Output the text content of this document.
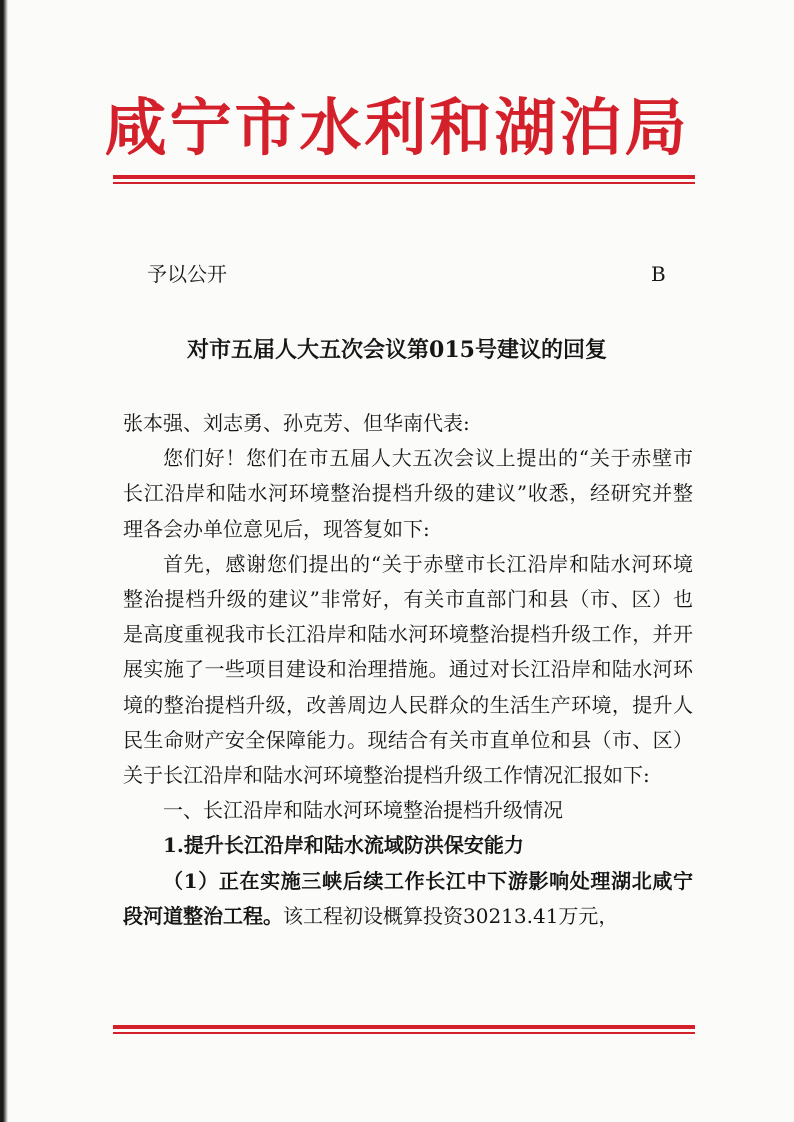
咸宁市水利和湖泊局
予以公开	B
对市五届人大五次会议第015号建议的回复

张本强、刘志勇、孙克芳、但华南代表:

您们好！您们在市五届人大五次会议上提出的“关于赤壁市长江沿岸和陆水河环境整治提档升级的建议”收悉，经研究并整理各会办单位意见后，现答复如下:

首先，感谢您们提出的“关于赤壁市长江沿岸和陆水河环境整治提档升级的建议”非常好，有关市直部门和县（市、区）也是高度重视我市长江沿岸和陆水河环境整治提档升级工作，并开展实施了一些项目建设和治理措施。通过对长江沿岸和陆水河环境的整治提档升级，改善周边人民群众的生活生产环境，提升人民生命财产安全保障能力。现结合有关市直单位和县（市、区）关于长江沿岸和陆水河环境整治提档升级工作情况汇报如下:

一、长江沿岸和陆水河环境整治提档升级情况

1.提升长江沿岸和陆水流域防洪保安能力

（1）正在实施三峡后续工作长江中下游影响处理湖北咸宁段河道整治工程。该工程初设概算投资30213.41万元，
